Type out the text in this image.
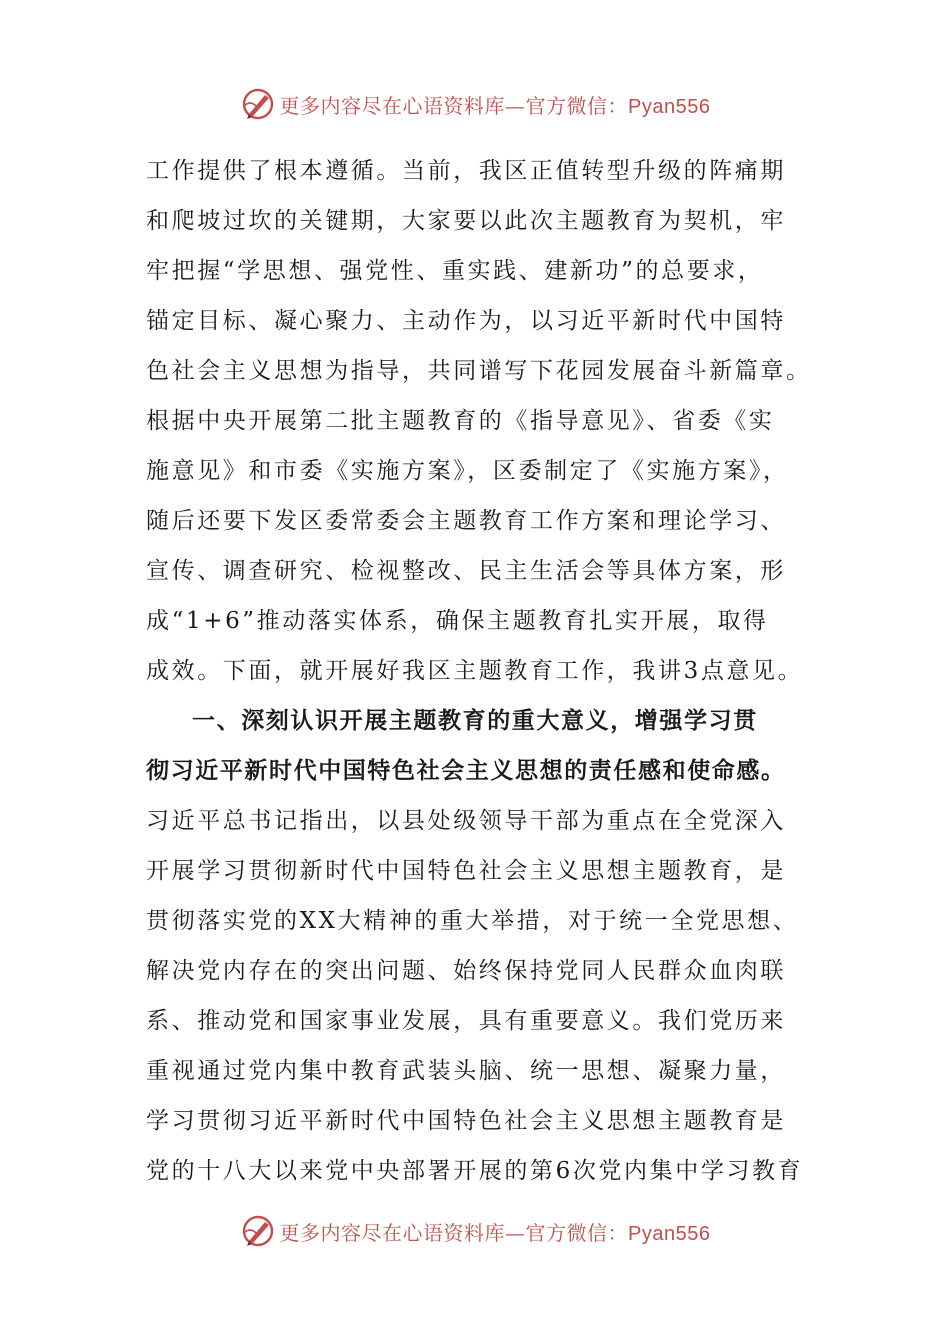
更多内容尽在心语资料库—官方微信：Pyan556
工作提供了根本遵循。当前，我区正值转型升级的阵痛期
和爬坡过坎的关键期，大家要以此次主题教育为契机，牢
牢把握“学思想、强党性、重实践、建新功”的总要求，
锚定目标、凝心聚力、主动作为，以习近平新时代中国特
色社会主义思想为指导，共同谱写下花园发展奋斗新篇章。
根据中央开展第二批主题教育的《指导意见》、省委《实
施意见》和市委《实施方案》，区委制定了《实施方案》，
随后还要下发区委常委会主题教育工作方案和理论学习、
宣传、调查研究、检视整改、民主生活会等具体方案，形
成“1+6”推动落实体系，确保主题教育扎实开展，取得
成效。下面，就开展好我区主题教育工作，我讲3点意见。
一、深刻认识开展主题教育的重大意义，增强学习贯
彻习近平新时代中国特色社会主义思想的责任感和使命感。
习近平总书记指出，以县处级领导干部为重点在全党深入
开展学习贯彻新时代中国特色社会主义思想主题教育，是
贯彻落实党的XX大精神的重大举措，对于统一全党思想、
解决党内存在的突出问题、始终保持党同人民群众血肉联
系、推动党和国家事业发展，具有重要意义。我们党历来
重视通过党内集中教育武装头脑、统一思想、凝聚力量，
学习贯彻习近平新时代中国特色社会主义思想主题教育是
党的十八大以来党中央部署开展的第6次党内集中学习教育
更多内容尽在心语资料库—官方微信：Pyan556
